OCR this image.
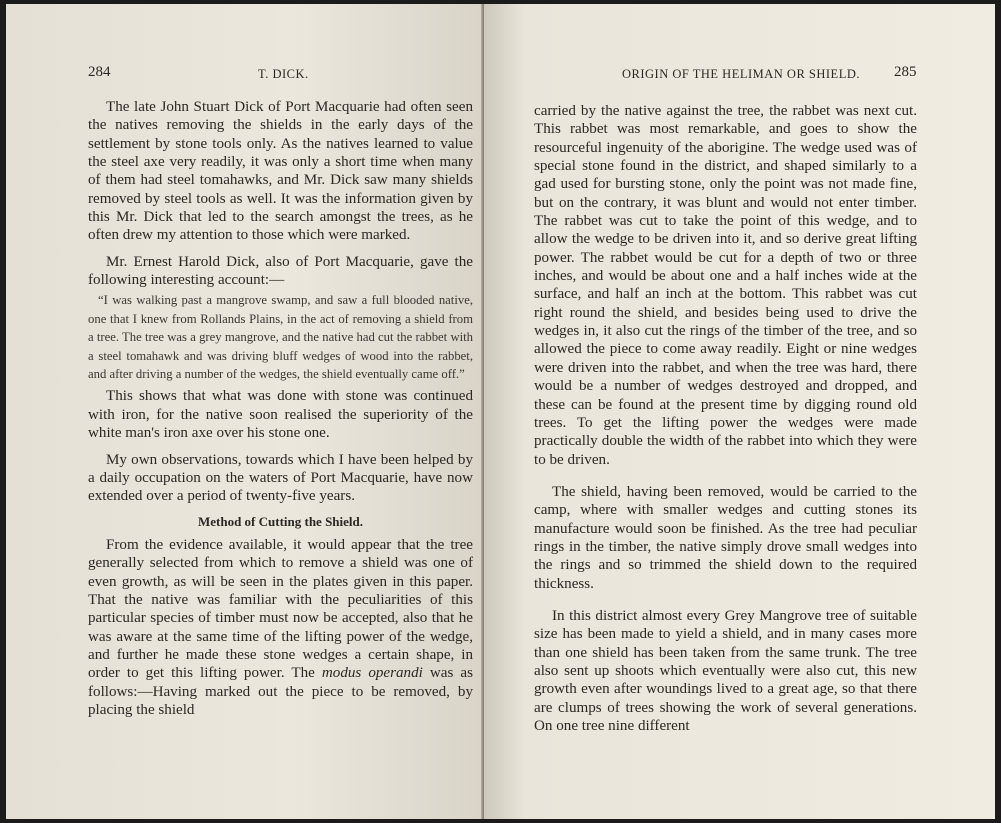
284	T. DICK.

The late John Stuart Dick of Port Macquarie had often seen the natives removing the shields in the early days of the settlement by stone tools only. As the natives learned to value the steel axe very readily, it was only a short time when many of them had steel tomahawks, and Mr. Dick saw many shields removed by steel tools as well. It was the information given by this Mr. Dick that led to the search amongst the trees, as he often drew my attention to those which were marked.

Mr. Ernest Harold Dick, also of Port Macquarie, gave the following interesting account:—

“I was walking past a mangrove swamp, and saw a full blooded native, one that I knew from Rollands Plains, in the act of removing a shield from a tree. The tree was a grey mangrove, and the native had cut the rabbet with a steel tomahawk and was driving bluff wedges of wood into the rabbet, and after driving a number of the wedges, the shield eventually came off.”

This shows that what was done with stone was continued with iron, for the native soon realised the superiority of the white man's iron axe over his stone one.

My own observations, towards which I have been helped by a daily occupation on the waters of Port Macquarie, have now extended over a period of twenty-five years.

Method of Cutting the Shield.

From the evidence available, it would appear that the tree generally selected from which to remove a shield was one of even growth, as will be seen in the plates given in this paper. That the native was familiar with the peculiarities of this particular species of timber must now be accepted, also that he was aware at the same time of the lifting power of the wedge, and further he made these stone wedges a certain shape, in order to get this lifting power. The modus operandi was as follows:—Having marked out the piece to be removed, by placing the shield

ORIGIN OF THE HELIMAN OR SHIELD. 285

carried by the native against the tree, the rabbet was next cut. This rabbet was most remarkable, and goes to show the resourceful ingenuity of the aborigine. The wedge used was of special stone found in the district, and shaped similarly to a gad used for bursting stone, only the point was not made fine, but on the contrary, it was blunt and would not enter timber. The rabbet was cut to take the point of this wedge, and to allow the wedge to be driven into it, and so derive great lifting power. The rabbet would be cut for a depth of two or three inches, and would be about one and a half inches wide at the surface, and half an inch at the bottom. This rabbet was cut right round the shield, and besides being used to drive the wedges in, it also cut the rings of the timber of the tree, and so allowed the piece to come away readily. Eight or nine wedges were driven into the rabbet, and when the tree was hard, there would be a number of wedges destroyed and dropped, and these can be found at the present time by digging round old trees. To get the lifting power the wedges were made practically double the width of the rabbet into which they were to be driven.

The shield, having been removed, would be carried to the camp, where with smaller wedges and cutting stones its manufacture would soon be finished. As the tree had peculiar rings in the timber, the native simply drove small wedges into the rings and so trimmed the shield down to the required thickness.

In this district almost every Grey Mangrove tree of suitable size has been made to yield a shield, and in many cases more than one shield has been taken from the same trunk. The tree also sent up shoots which eventually were also cut, this new growth even after woundings lived to a great age, so that there are clumps of trees showing the work of several generations. On one tree nine different
